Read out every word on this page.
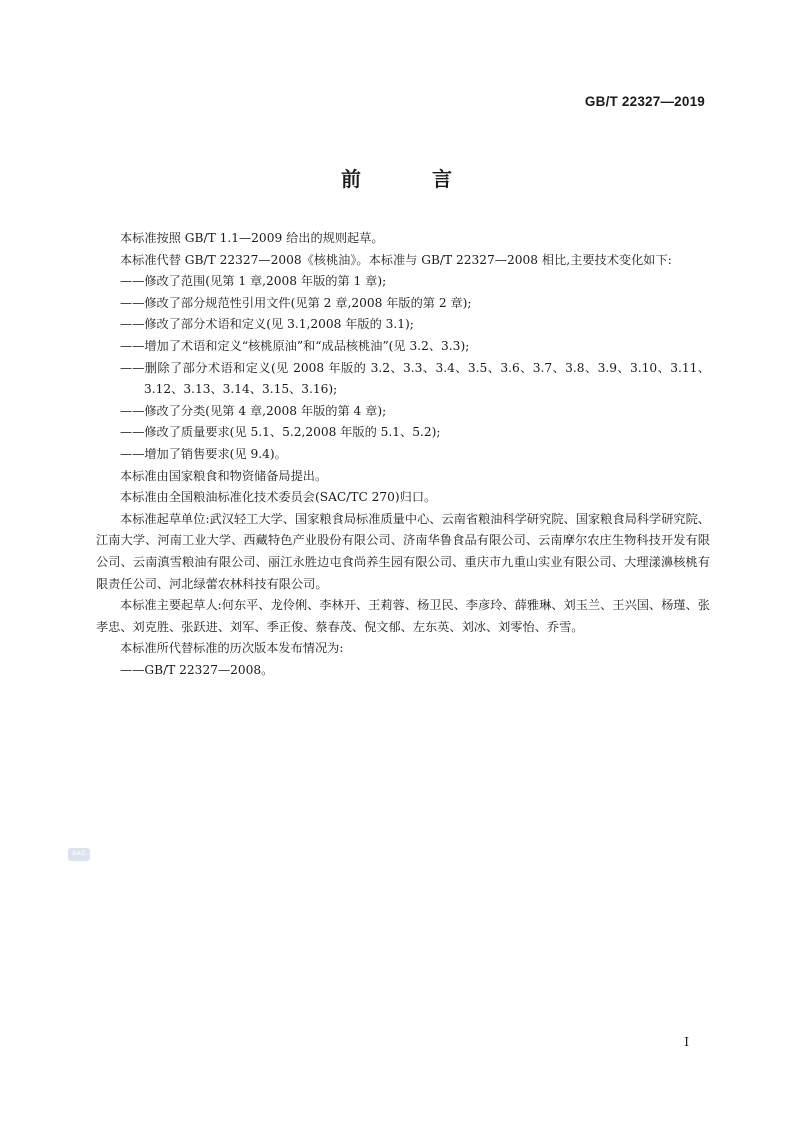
GB/T 22327—2019
前 言

本标准按照 GB/T 1.1—2009 给出的规则起草。

本标准代替 GB/T 22327—2008《核桃油》。本标准与 GB/T 22327—2008 相比,主要技术变化如下:

——修改了范围(见第 1 章,2008 年版的第 1 章);

——修改了部分规范性引用文件(见第 2 章,2008 年版的第 2 章);

——修改了部分术语和定义(见 3.1,2008 年版的 3.1);

——增加了术语和定义“核桃原油”和“成品核桃油”(见 3.2、3.3);

——删除了部分术语和定义(见 2008 年版的 3.2、3.3、3.4、3.5、3.6、3.7、3.8、3.9、3.10、3.11、3.12、3.13、3.14、3.15、3.16);

——修改了分类(见第 4 章,2008 年版的第 4 章);

——修改了质量要求(见 5.1、5.2,2008 年版的 5.1、5.2);

——增加了销售要求(见 9.4)。

本标准由国家粮食和物资储备局提出。

本标准由全国粮油标准化技术委员会(SAC/TC 270)归口。

本标准起草单位:武汉轻工大学、国家粮食局标准质量中心、云南省粮油科学研究院、国家粮食局科学研究院、江南大学、河南工业大学、西藏特色产业股份有限公司、济南华鲁食品有限公司、云南摩尔农庄生物科技开发有限公司、云南滇雪粮油有限公司、丽江永胜边屯食尚养生园有限公司、重庆市九重山实业有限公司、大理漾濞核桃有限责任公司、河北绿蕾农林科技有限公司。

本标准主要起草人:何东平、龙伶俐、李林开、王莉蓉、杨卫民、李彦玲、薛雅琳、刘玉兰、王兴国、杨瑾、张孝忠、刘克胜、张跃进、刘军、季正俊、蔡春茂、倪文郁、左东英、刘冰、刘零怡、乔雪。

本标准所代替标准的历次版本发布情况为:

——GB/T 22327—2008。

SAC
I
